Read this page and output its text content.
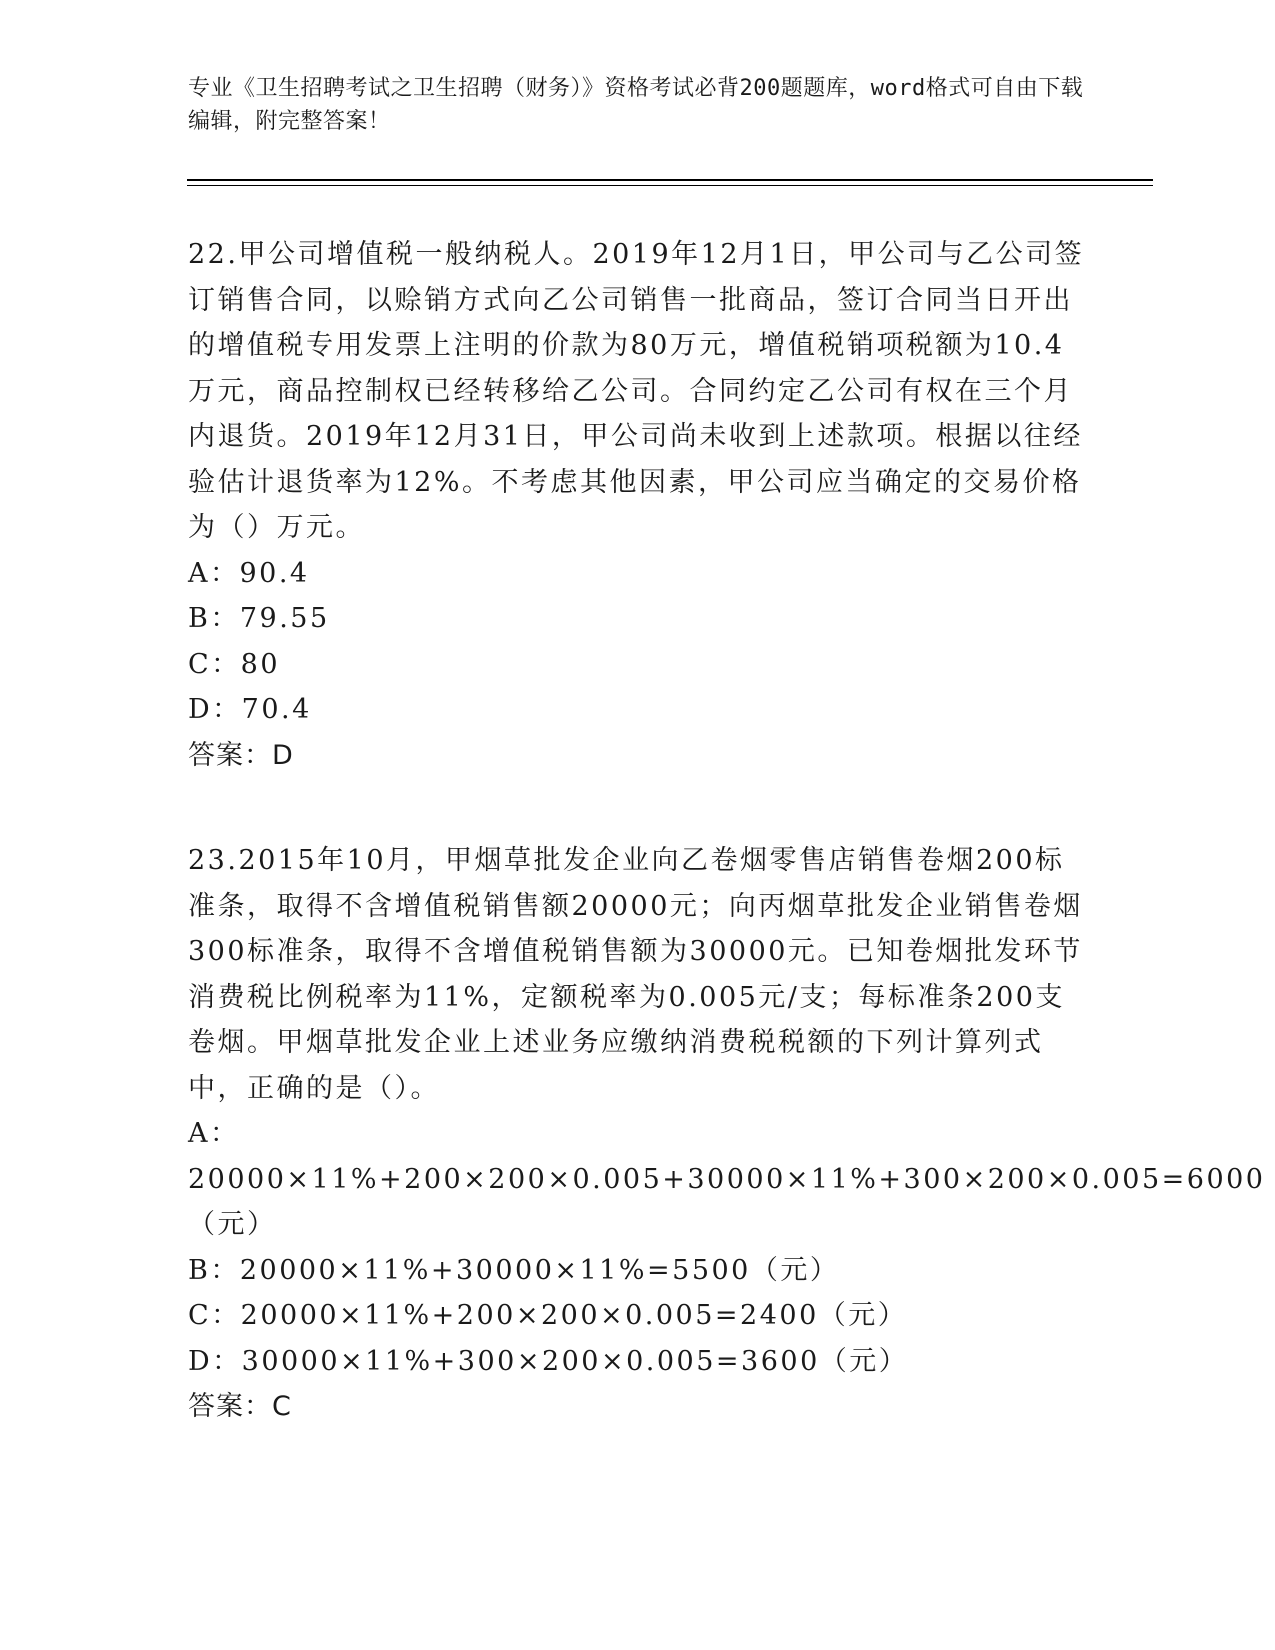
专业《卫生招聘考试之卫生招聘（财务）》资格考试必背200题题库，word格式可自由下载编辑，附完整答案！

22.甲公司增值税一般纳税人。2019年12月1日，甲公司与乙公司签订销售合同，以赊销方式向乙公司销售一批商品，签订合同当日开出的增值税专用发票上注明的价款为80万元，增值税销项税额为10.4万元，商品控制权已经转移给乙公司。合同约定乙公司有权在三个月内退货。2019年12月31日，甲公司尚未收到上述款项。根据以往经验估计退货率为12%。不考虑其他因素，甲公司应当确定的交易价格为（）万元。

A：90.4

B：79.55

C：80

D：70.4

答案：D

23.2015年10月，甲烟草批发企业向乙卷烟零售店销售卷烟200标准条，取得不含增值税销售额20000元；向丙烟草批发企业销售卷烟300标准条，取得不含增值税销售额为30000元。已知卷烟批发环节消费税比例税率为11%，定额税率为0.005元/支；每标准条200支卷烟。甲烟草批发企业上述业务应缴纳消费税税额的下列计算列式中，正确的是（）。

A：20000×11%+200×200×0.005+30000×11%+300×200×0.005=6000（元）

B：20000×11%+30000×11%=5500（元）

C：20000×11%+200×200×0.005=2400（元）

D：30000×11%+300×200×0.005=3600（元）

答案：C
